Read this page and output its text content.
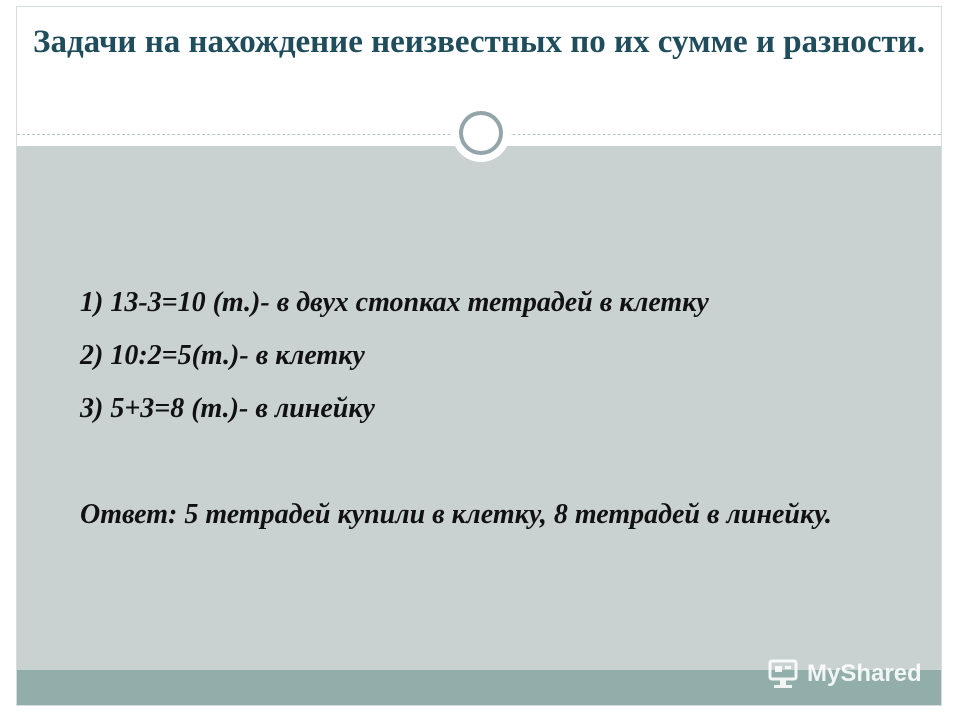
Задачи на нахождение неизвестных по их сумме и разности.

1) 13-3=10 (т.)- в двух стопках тетрадей в клетку

2) 10:2=5(т.)- в клетку

3) 5+3=8 (т.)- в линейку

Ответ: 5 тетрадей купили в клетку, 8 тетрадей в линейку.

MyShared
